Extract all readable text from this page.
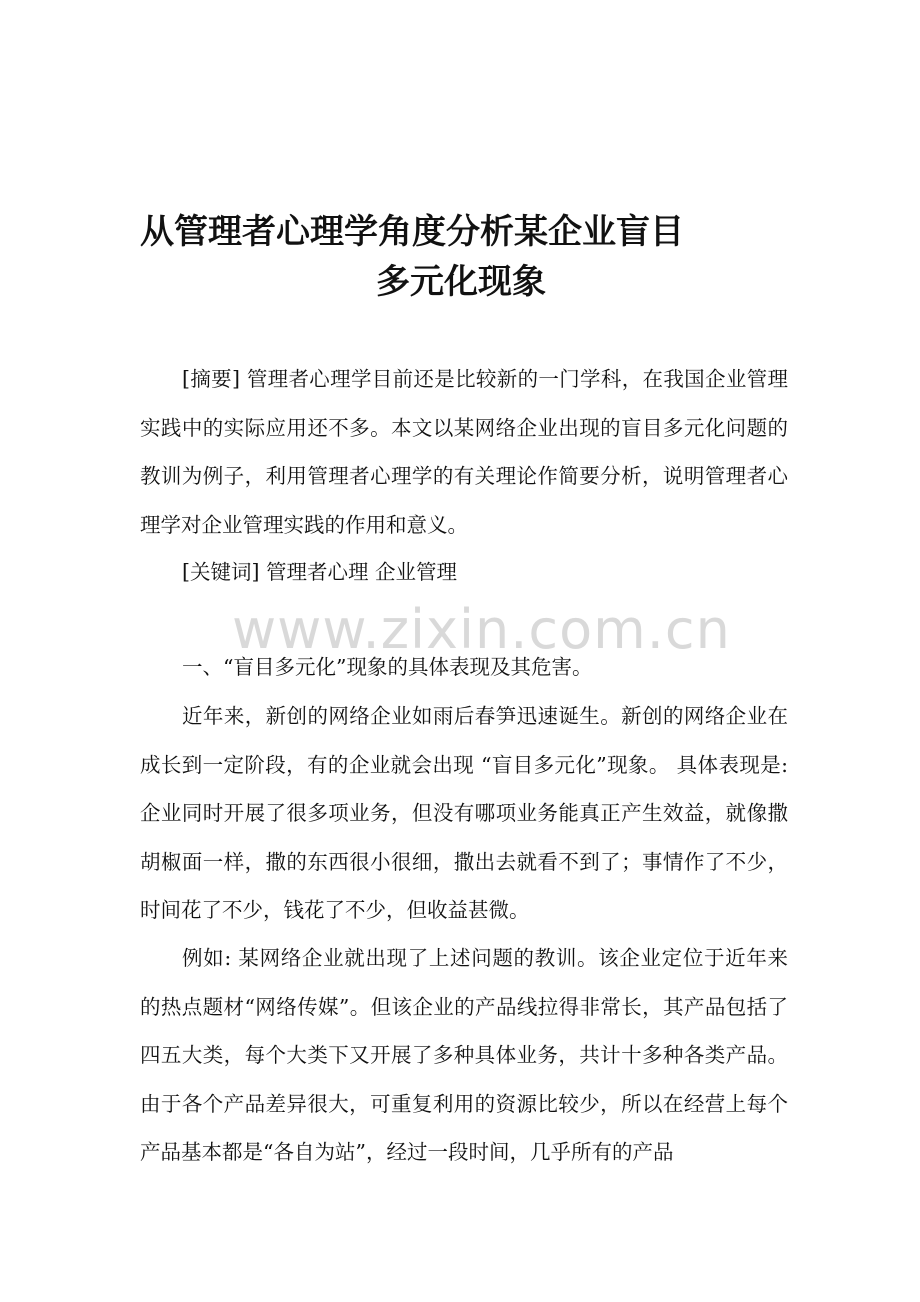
从管理者心理学角度分析某企业盲目
多元化现象

[摘要] 管理者心理学目前还是比较新的一门学科，在我国企业管理实践中的实际应用还不多。本文以某网络企业出现的盲目多元化问题的教训为例子，利用管理者心理学的有关理论作简要分析，说明管理者心理学对企业管理实践的作用和意义。

[关键词] 管理者心理 企业管理

www.zixin.com.cn

一、“盲目多元化”现象的具体表现及其危害。

近年来，新创的网络企业如雨后春笋迅速诞生。新创的网络企业在成长到一定阶段，有的企业就会出现 “盲目多元化”现象。 具体表现是: 企业同时开展了很多项业务，但没有哪项业务能真正产生效益，就像撒胡椒面一样，撒的东西很小很细，撒出去就看不到了；事情作了不少，时间花了不少，钱花了不少，但收益甚微。

例如: 某网络企业就出现了上述问题的教训。该企业定位于近年来的热点题材“网络传媒”。但该企业的产品线拉得非常长，其产品包括了四五大类，每个大类下又开展了多种具体业务，共计十多种各类产品。由于各个产品差异很大，可重复利用的资源比较少，所以在经营上每个产品基本都是“各自为站”，经过一段时间，几乎所有的产品
